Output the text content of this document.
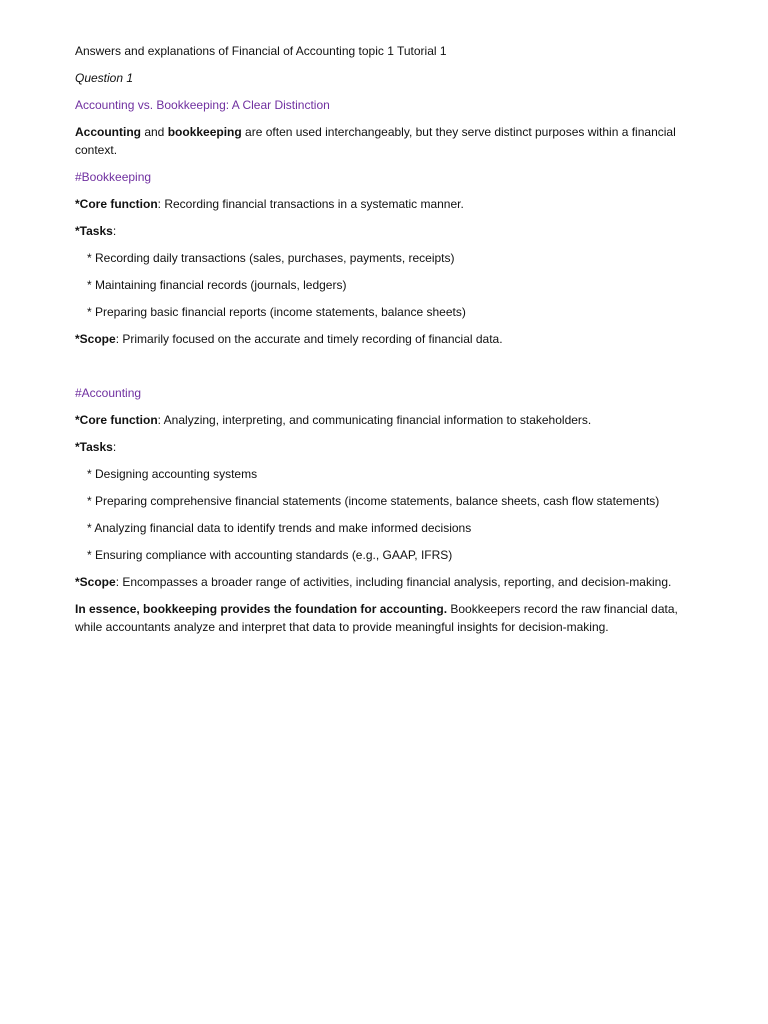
Answers and explanations of Financial of Accounting topic 1 Tutorial 1

Question 1

Accounting vs. Bookkeeping: A Clear Distinction

Accounting and bookkeeping are often used interchangeably, but they serve distinct purposes within a financial context.

#Bookkeeping

*Core function: Recording financial transactions in a systematic manner.

*Tasks:

* Recording daily transactions (sales, purchases, payments, receipts)

* Maintaining financial records (journals, ledgers)

* Preparing basic financial reports (income statements, balance sheets)

*Scope: Primarily focused on the accurate and timely recording of financial data.

#Accounting

*Core function: Analyzing, interpreting, and communicating financial information to stakeholders.

*Tasks:

* Designing accounting systems

* Preparing comprehensive financial statements (income statements, balance sheets, cash flow statements)

* Analyzing financial data to identify trends and make informed decisions

* Ensuring compliance with accounting standards (e.g., GAAP, IFRS)

*Scope: Encompasses a broader range of activities, including financial analysis, reporting, and decision-making.

In essence, bookkeeping provides the foundation for accounting. Bookkeepers record the raw financial data, while accountants analyze and interpret that data to provide meaningful insights for decision-making.
